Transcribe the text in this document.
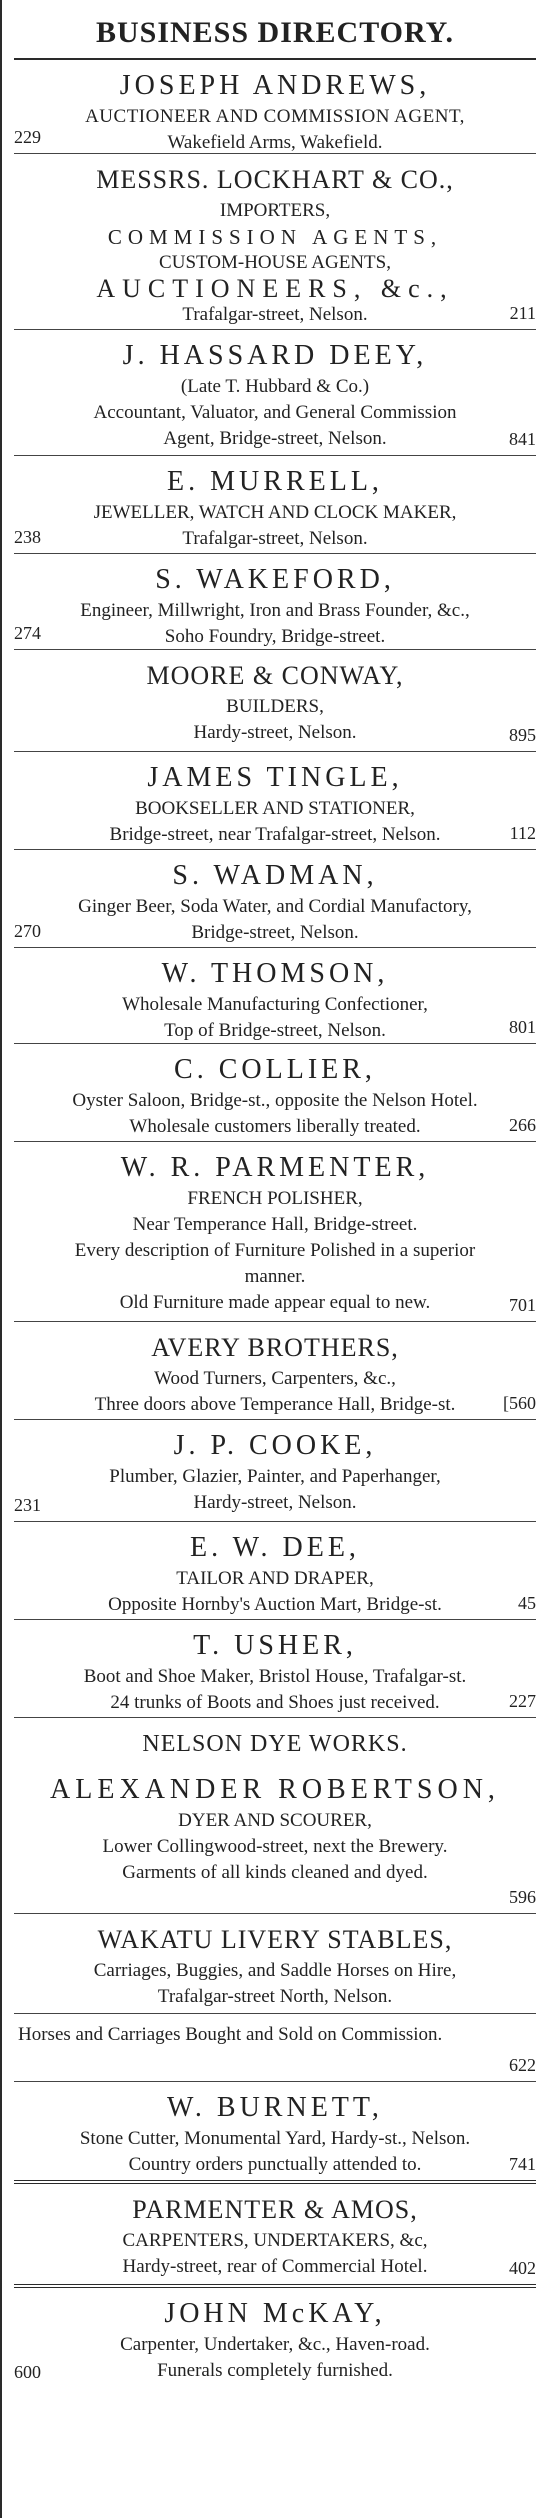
BUSINESS DIRECTORY.
JOSEPH ANDREWS,
AUCTIONEER AND COMMISSION AGENT,
Wakefield Arms, Wakefield.
229
MESSRS. LOCKHART & CO.,
IMPORTERS,
COMMISSION AGENTS,
CUSTOM-HOUSE AGENTS,
AUCTIONEERS, &c.,
Trafalgar-street, Nelson.	211
J. HASSARD DEEY,
(Late T. Hubbard & Co.)
Accountant, Valuator, and General Commission
Agent, Bridge-street, Nelson.	841
E. MURRELL,
JEWELLER, WATCH AND CLOCK MAKER,
Trafalgar-street, Nelson.
238
S. WAKEFORD,
Engineer, Millwright, Iron and Brass Founder, &c.,
Soho Foundry, Bridge-street.
274
MOORE & CONWAY,
BUILDERS,
Hardy-street, Nelson.	895
JAMES TINGLE,
BOOKSELLER AND STATIONER,
Bridge-street, near Trafalgar-street, Nelson.	112
S. WADMAN,
Ginger Beer, Soda Water, and Cordial Manufactory,
Bridge-street, Nelson.
270
W. THOMSON,
Wholesale Manufacturing Confectioner,
Top of Bridge-street, Nelson.	801
C. COLLIER,
Oyster Saloon, Bridge-st., opposite the Nelson Hotel.
Wholesale customers liberally treated.	266
W. R. PARMENTER,
FRENCH POLISHER,
Near Temperance Hall, Bridge-street.
Every description of Furniture Polished in a superior
manner.
Old Furniture made appear equal to new.	701
AVERY BROTHERS,
Wood Turners, Carpenters, &c.,
Three doors above Temperance Hall, Bridge-st.	[560
J. P. COOKE,
Plumber, Glazier, Painter, and Paperhanger,
Hardy-street, Nelson.
231
E. W. DEE,
TAILOR AND DRAPER,
Opposite Hornby's Auction Mart, Bridge-st.	45
T. USHER,
Boot and Shoe Maker, Bristol House, Trafalgar-st.
24 trunks of Boots and Shoes just received.	227
NELSON DYE WORKS.
ALEXANDER ROBERTSON,
DYER AND SCOURER,
Lower Collingwood-street, next the Brewery.
Garments of all kinds cleaned and dyed.
596
WAKATU LIVERY STABLES,
Carriages, Buggies, and Saddle Horses on Hire,
Trafalgar-street North, Nelson.
Horses and Carriages Bought and Sold on Commission.
622
W. BURNETT,
Stone Cutter, Monumental Yard, Hardy-st., Nelson.
Country orders punctually attended to.	741
PARMENTER & AMOS,
CARPENTERS, UNDERTAKERS, &c,
Hardy-street, rear of Commercial Hotel.	402
JOHN McKAY,
Carpenter, Undertaker, &c., Haven-road.
Funerals completely furnished.
600
